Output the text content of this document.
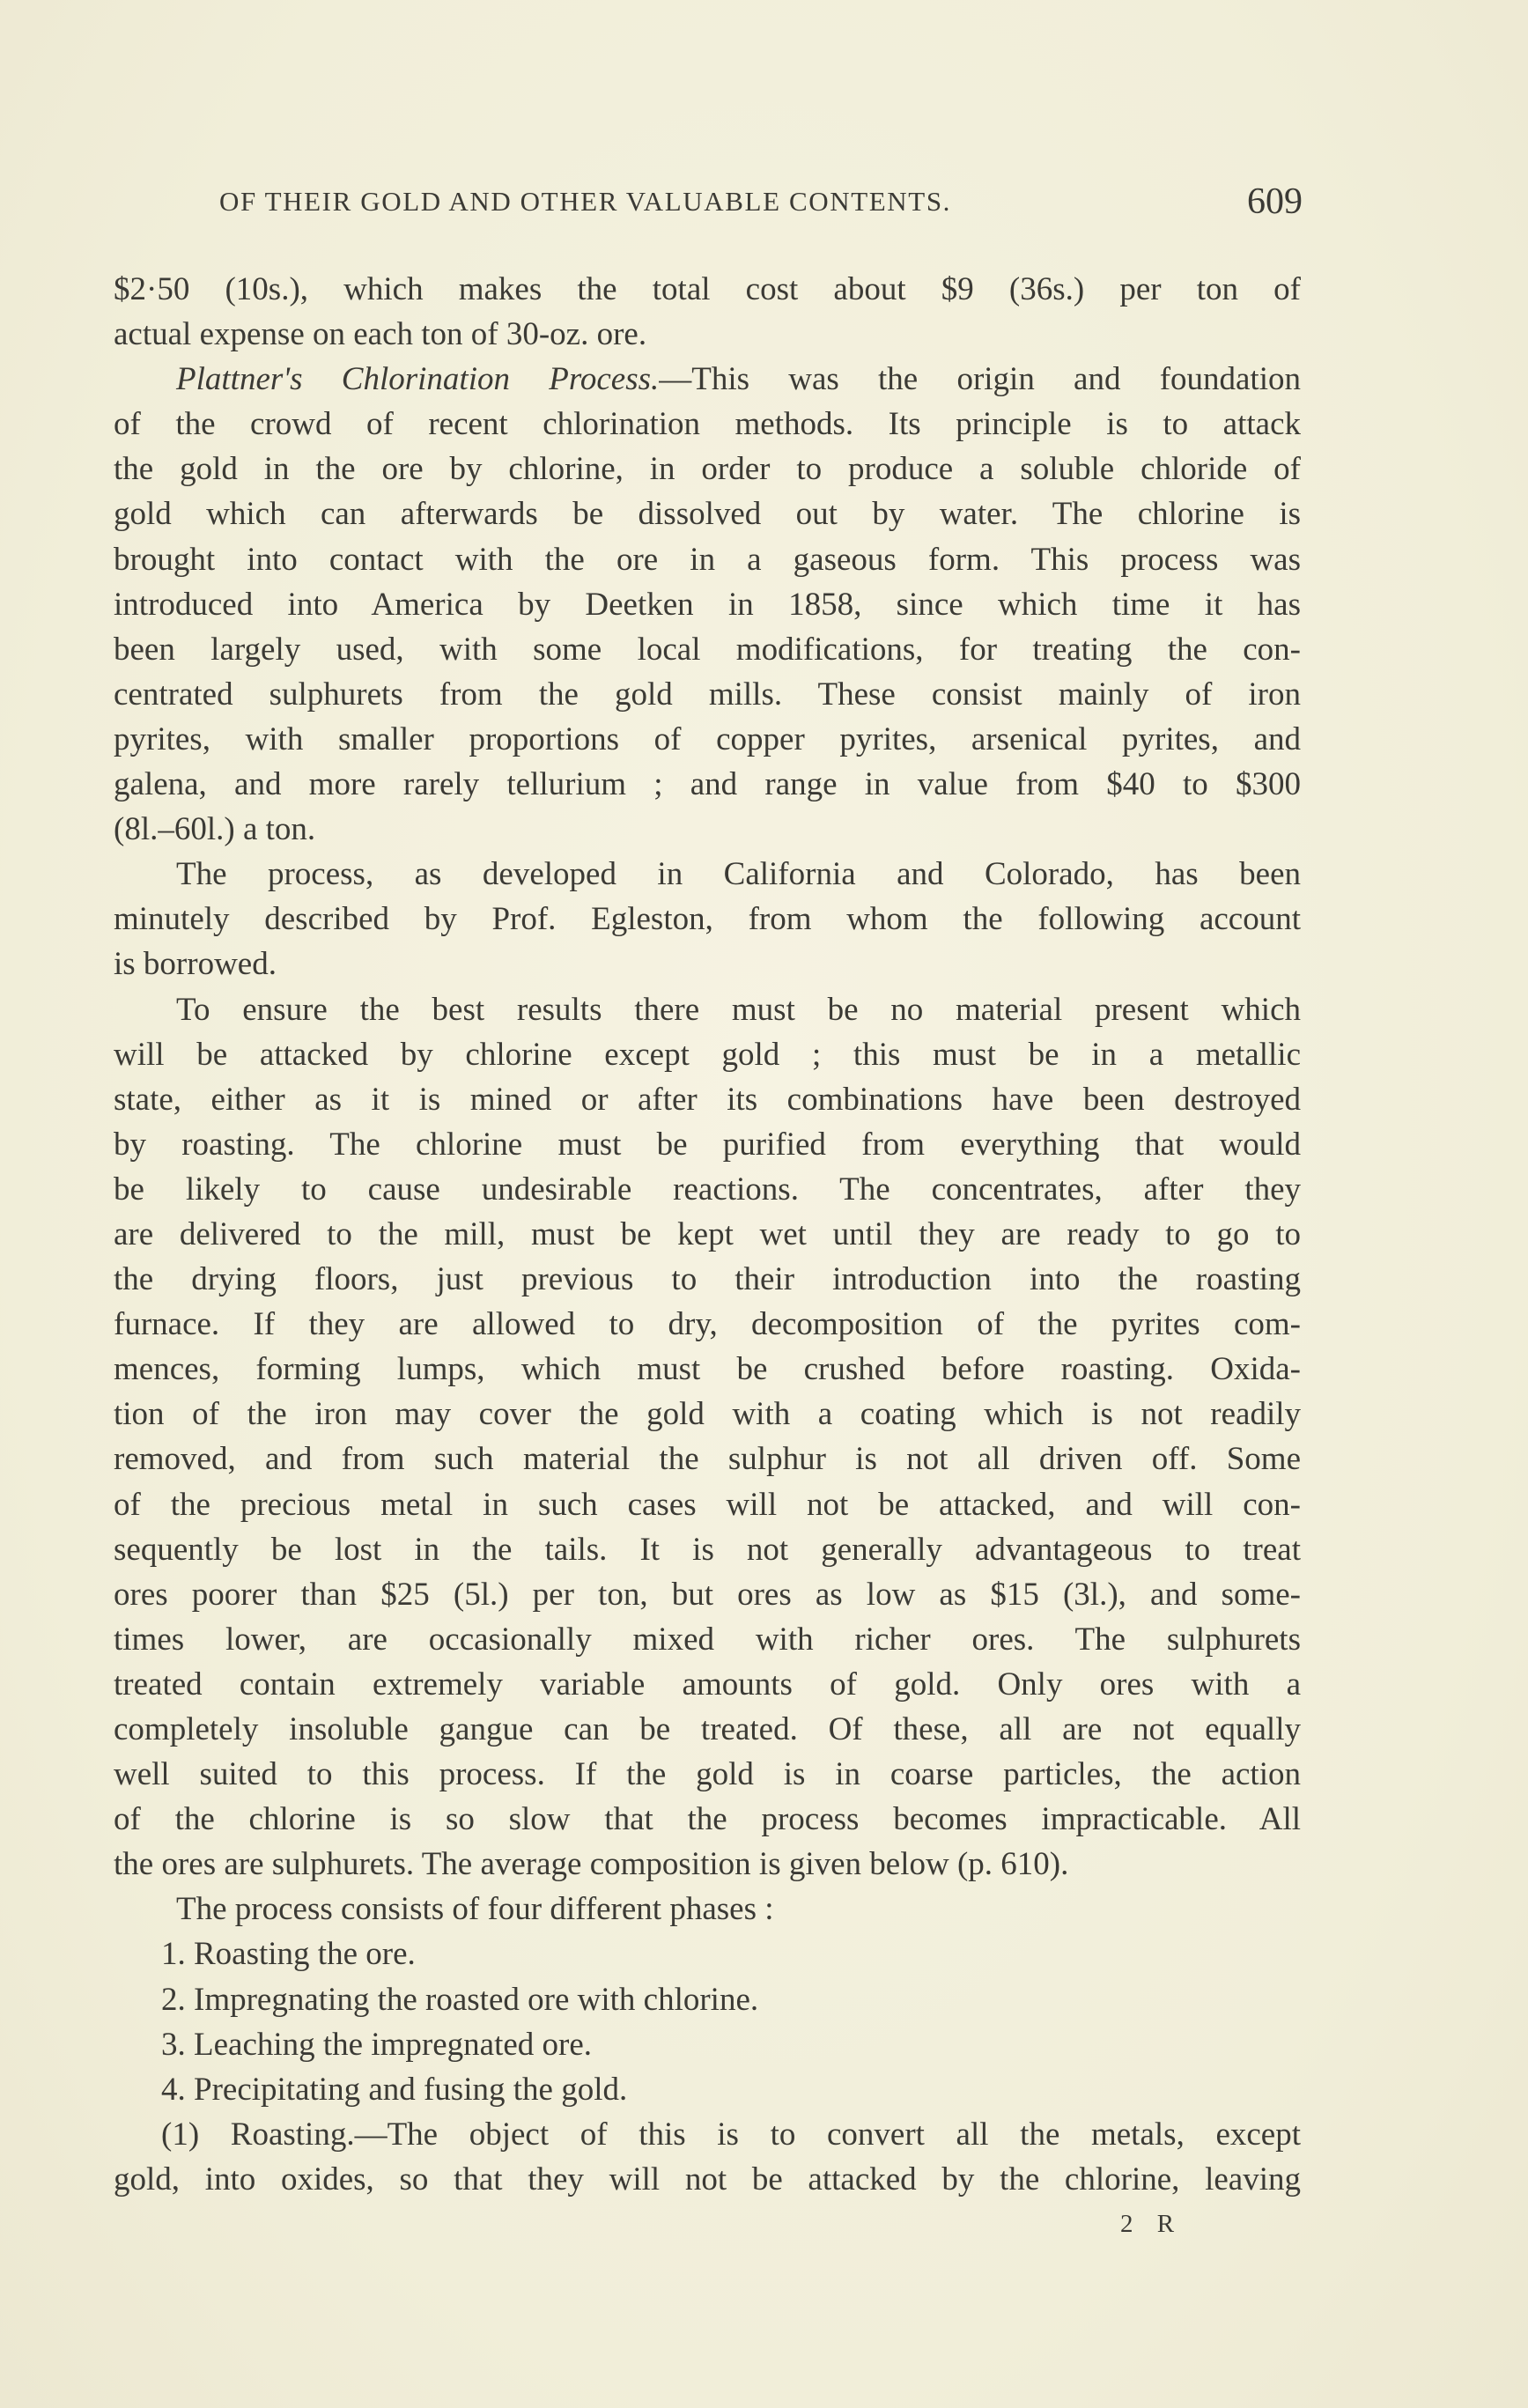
OF THEIR GOLD AND OTHER VALUABLE CONTENTS.	609
$2·50 (10s.), which makes the total cost about $9 (36s.) per ton of
actual expense on each ton of 30-oz. ore.
Plattner's Chlorination Process.—This was the origin and foundation
of the crowd of recent chlorination methods. Its principle is to attack
the gold in the ore by chlorine, in order to produce a soluble chloride of
gold which can afterwards be dissolved out by water. The chlorine is
brought into contact with the ore in a gaseous form. This process was
introduced into America by Deetken in 1858, since which time it has
been largely used, with some local modifications, for treating the con-
centrated sulphurets from the gold mills. These consist mainly of iron
pyrites, with smaller proportions of copper pyrites, arsenical pyrites, and
galena, and more rarely tellurium ; and range in value from $40 to $300
(8l.–60l.) a ton.
The process, as developed in California and Colorado, has been
minutely described by Prof. Egleston, from whom the following account
is borrowed.
To ensure the best results there must be no material present which
will be attacked by chlorine except gold ; this must be in a metallic
state, either as it is mined or after its combinations have been destroyed
by roasting. The chlorine must be purified from everything that would
be likely to cause undesirable reactions. The concentrates, after they
are delivered to the mill, must be kept wet until they are ready to go to
the drying floors, just previous to their introduction into the roasting
furnace. If they are allowed to dry, decomposition of the pyrites com-
mences, forming lumps, which must be crushed before roasting. Oxida-
tion of the iron may cover the gold with a coating which is not readily
removed, and from such material the sulphur is not all driven off. Some
of the precious metal in such cases will not be attacked, and will con-
sequently be lost in the tails. It is not generally advantageous to treat
ores poorer than $25 (5l.) per ton, but ores as low as $15 (3l.), and some-
times lower, are occasionally mixed with richer ores. The sulphurets
treated contain extremely variable amounts of gold. Only ores with a
completely insoluble gangue can be treated. Of these, all are not equally
well suited to this process. If the gold is in coarse particles, the action
of the chlorine is so slow that the process becomes impracticable. All
the ores are sulphurets. The average composition is given below (p. 610).
The process consists of four different phases :
1. Roasting the ore.
2. Impregnating the roasted ore with chlorine.
3. Leaching the impregnated ore.
4. Precipitating and fusing the gold.
(1) Roasting.—The object of this is to convert all the metals, except
gold, into oxides, so that they will not be attacked by the chlorine, leaving
2 R
